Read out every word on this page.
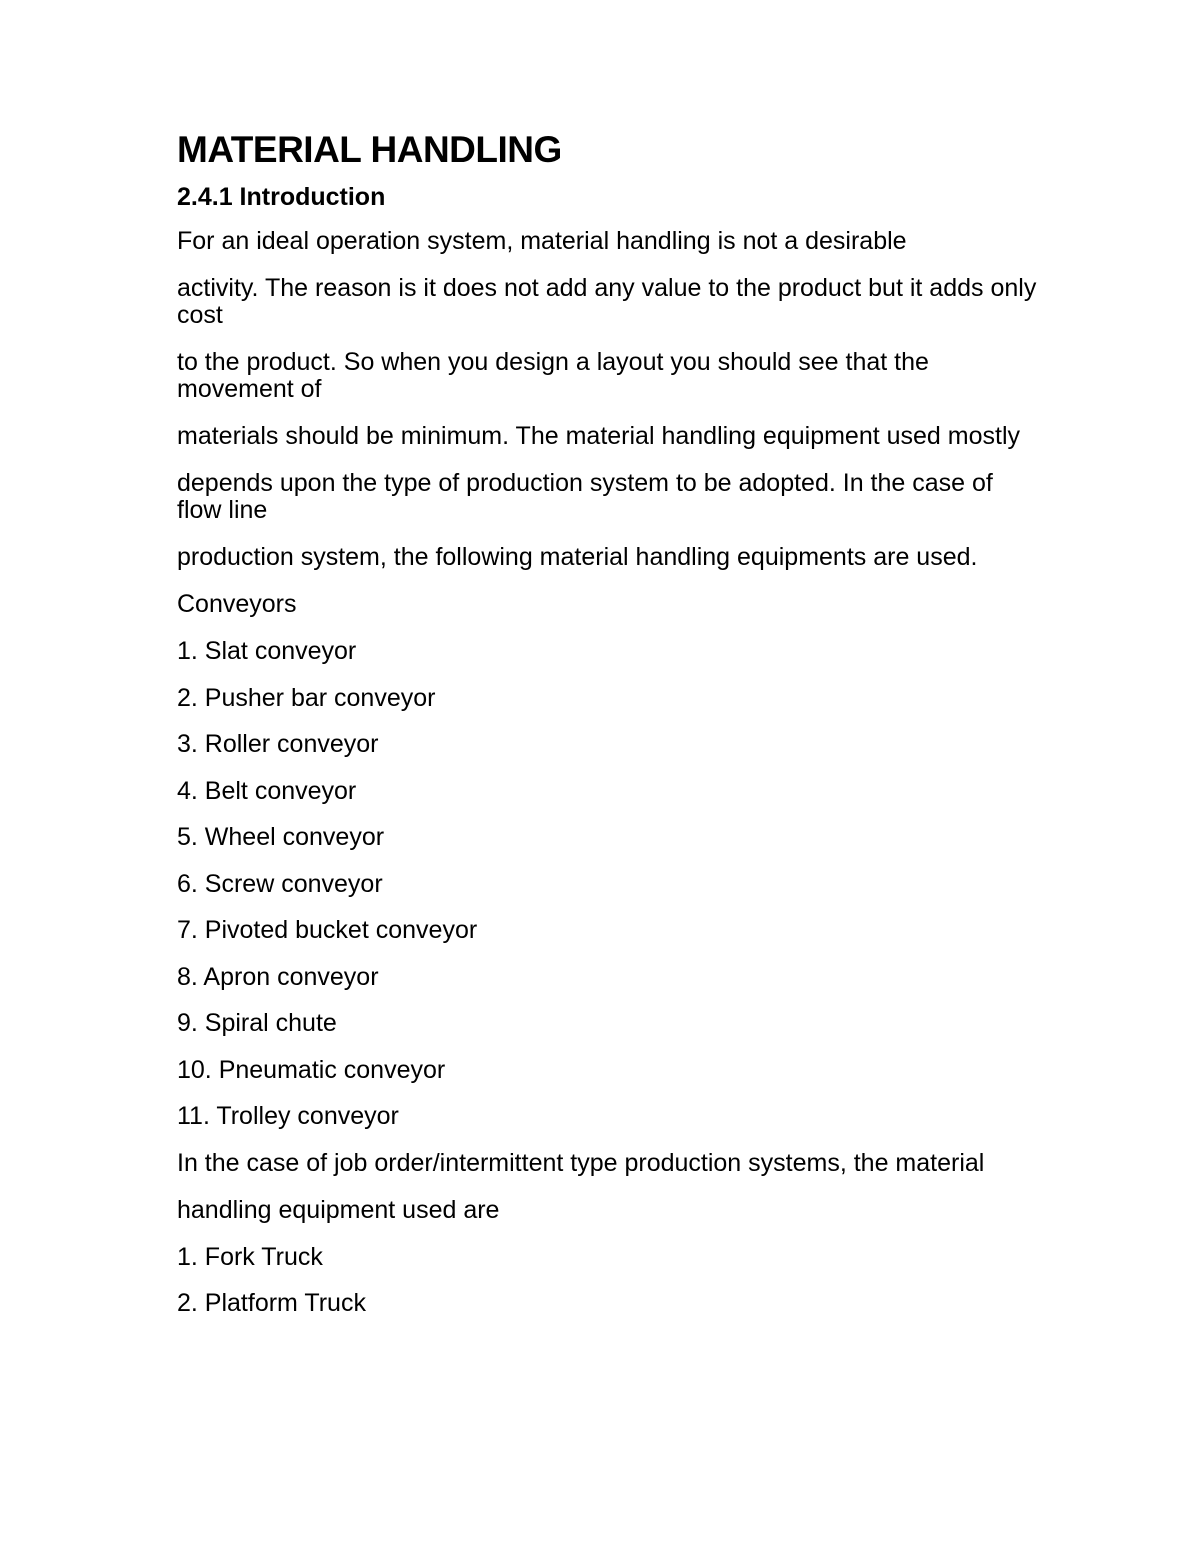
MATERIAL HANDLING
2.4.1 Introduction

For an ideal operation system, material handling is not a desirable

activity. The reason is it does not add any value to the product but it adds only cost

to the product. So when you design a layout you should see that the movement of

materials should be minimum. The material handling equipment used mostly

depends upon the type of production system to be adopted. In the case of flow line

production system, the following material handling equipments are used.

Conveyors

1. Slat conveyor
2. Pusher bar conveyor
3. Roller conveyor
4. Belt conveyor
5. Wheel conveyor
6. Screw conveyor
7. Pivoted bucket conveyor
8. Apron conveyor
9. Spiral chute
10. Pneumatic conveyor
11. Trolley conveyor

In the case of job order/intermittent type production systems, the material

handling equipment used are

1. Fork Truck
2. Platform Truck
